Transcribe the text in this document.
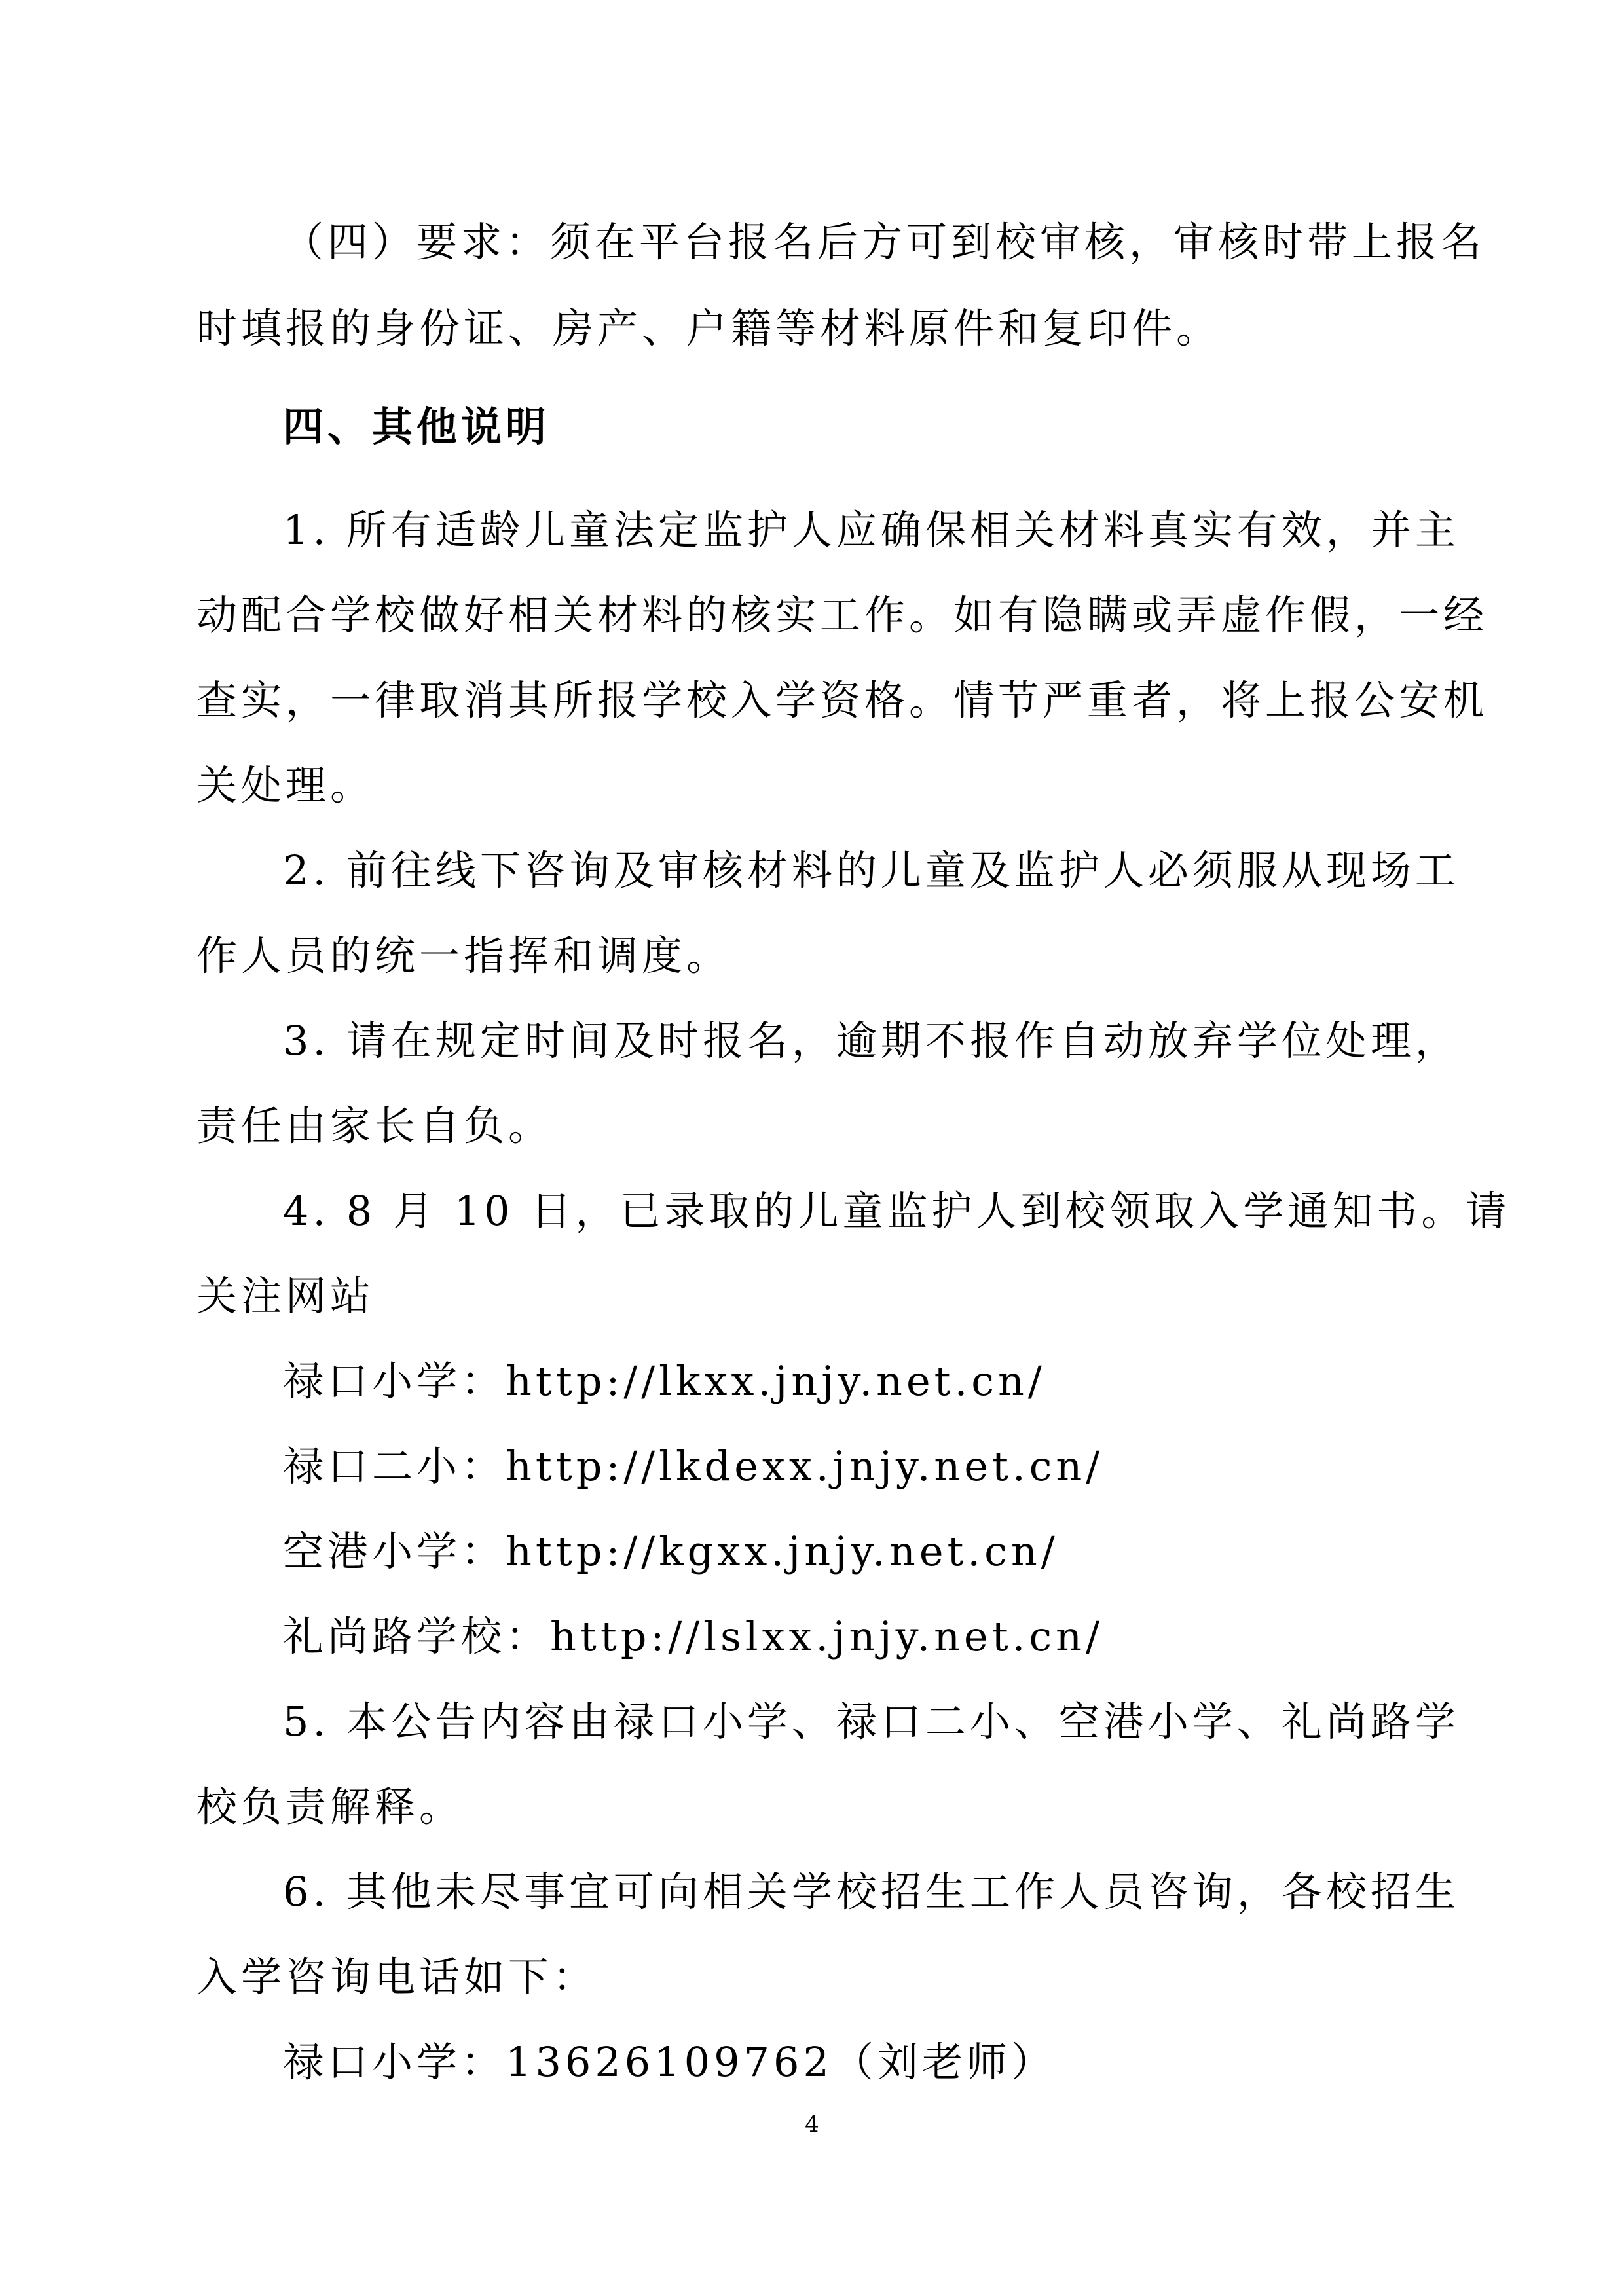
（四）要求：须在平台报名后方可到校审核，审核时带上报名
时填报的身份证、房产、户籍等材料原件和复印件。
四、其他说明
1. 所有适龄儿童法定监护人应确保相关材料真实有效，并主
动配合学校做好相关材料的核实工作。如有隐瞒或弄虚作假，一经
查实，一律取消其所报学校入学资格。情节严重者，将上报公安机
关处理。
2. 前往线下咨询及审核材料的儿童及监护人必须服从现场工
作人员的统一指挥和调度。
3. 请在规定时间及时报名，逾期不报作自动放弃学位处理，
责任由家长自负。
4. 8 月 10 日，已录取的儿童监护人到校领取入学通知书。请
关注网站
禄口小学：http://lkxx.jnjy.net.cn/
禄口二小：http://lkdexx.jnjy.net.cn/
空港小学：http://kgxx.jnjy.net.cn/
礼尚路学校：http://lslxx.jnjy.net.cn/
5. 本公告内容由禄口小学、禄口二小、空港小学、礼尚路学
校负责解释。
6. 其他未尽事宜可向相关学校招生工作人员咨询，各校招生
入学咨询电话如下：
禄口小学：13626109762（刘老师）
4
